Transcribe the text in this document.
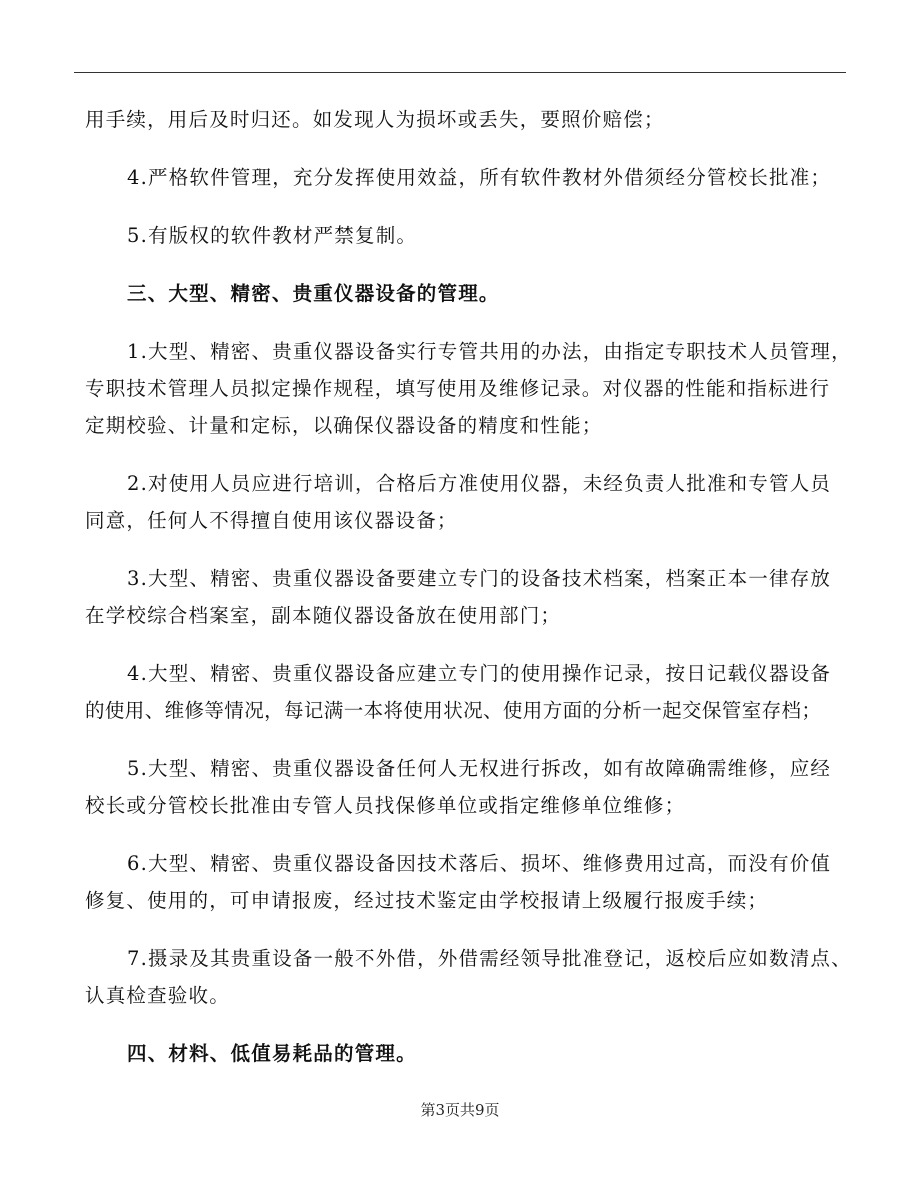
用手续，用后及时归还。如发现人为损坏或丢失，要照价赔偿；
4.严格软件管理，充分发挥使用效益，所有软件教材外借须经分管校长批准；
5.有版权的软件教材严禁复制。
三、大型、精密、贵重仪器设备的管理。
1.大型、精密、贵重仪器设备实行专管共用的办法，由指定专职技术人员管理，
专职技术管理人员拟定操作规程，填写使用及维修记录。对仪器的性能和指标进行
定期校验、计量和定标，以确保仪器设备的精度和性能；
2.对使用人员应进行培训，合格后方准使用仪器，未经负责人批准和专管人员
同意，任何人不得擅自使用该仪器设备；
3.大型、精密、贵重仪器设备要建立专门的设备技术档案，档案正本一律存放
在学校综合档案室，副本随仪器设备放在使用部门；
4.大型、精密、贵重仪器设备应建立专门的使用操作记录，按日记载仪器设备
的使用、维修等情况，每记满一本将使用状况、使用方面的分析一起交保管室存档；
5.大型、精密、贵重仪器设备任何人无权进行拆改，如有故障确需维修，应经
校长或分管校长批准由专管人员找保修单位或指定维修单位维修；
6.大型、精密、贵重仪器设备因技术落后、损坏、维修费用过高，而没有价值
修复、使用的，可申请报废，经过技术鉴定由学校报请上级履行报废手续；
7.摄录及其贵重设备一般不外借，外借需经领导批准登记，返校后应如数清点、
认真检查验收。
四、材料、低值易耗品的管理。
第3页共9页
